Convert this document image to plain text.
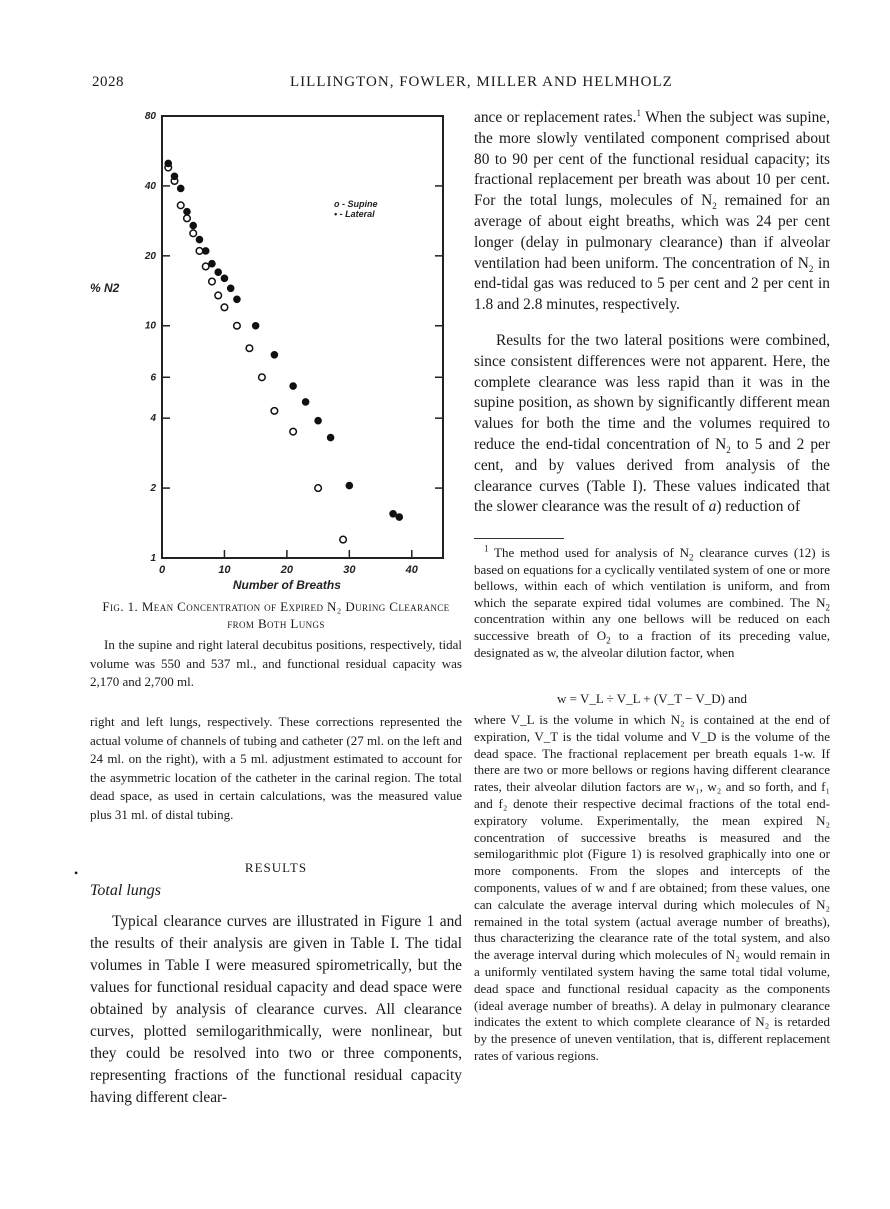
2028	LILLINGTON, FOWLER, MILLER AND HELMHOLZ
1
2
4
6
10
20
40
80
0	10	20	30	40
% N2
Number of Breaths
o - Supine
• - Lateral
Fig. 1. Mean Concentration of Expired N₂ During Clearance from Both Lungs
In the supine and right lateral decubitus positions, respectively, tidal volume was 550 and 537 ml., and functional residual capacity was 2,170 and 2,700 ml.
right and left lungs, respectively. These corrections represented the actual volume of channels of tubing and catheter (27 ml. on the left and 24 ml. on the right), with a 5 ml. adjustment estimated to account for the asymmetric location of the catheter in the carinal region. The total dead space, as used in certain calculations, was the measured value plus 31 ml. of distal tubing.
•	RESULTS
Total lungs
Typical clearance curves are illustrated in Figure 1 and the results of their analysis are given in Table I. The tidal volumes in Table I were measured spirometrically, but the values for functional residual capacity and dead space were obtained by analysis of clearance curves. All clearance curves, plotted semilogarithmically, were nonlinear, but they could be resolved into two or three components, representing fractions of the functional residual capacity having different clear-
ance or replacement rates.$^1$ When the subject was supine, the more slowly ventilated component comprised about 80 to 90 per cent of the functional residual capacity; its fractional replacement per breath was about 10 per cent. For the total lungs, molecules of $N_2$ remained for an average of about eight breaths, which was 24 per cent longer (delay in pulmonary clearance) than if alveolar ventilation had been uniform. The concentration of $N_2$ in end-tidal gas was reduced to 5 per cent and 2 per cent in 1.8 and 2.8 minutes, respectively.
Results for the two lateral positions were combined, since consistent differences were not apparent. Here, the complete clearance was less rapid than it was in the supine position, as shown by significantly different mean values for both the time and the volumes required to reduce the end-tidal concentration of $N_2$ to 5 and 2 per cent, and by values derived from analysis of the clearance curves (Table I). These values indicated that the slower clearance was the result of a) reduction of
$^1$ The method used for analysis of $N_2$ clearance curves (12) is based on equations for a cyclically ventilated system of one or more bellows, within each of which ventilation is uniform, and from which the separate expired tidal volumes are combined. The $N_2$ concentration within any one bellows will be reduced on each successive breath of $O_2$ to a fraction of its preceding value, designated as w, the alveolar dilution factor, when
w = V_L ÷ V_L + (V_T − V_D) and
where V_L is the volume in which N₂ is contained at the end of expiration, V_T is the tidal volume and V_D is the volume of the dead space. The fractional replacement per breath equals 1-w. If there are two or more bellows or regions having different clearance rates, their alveolar dilution factors are w₁, w₂ and so forth, and f₁ and f₂ denote their respective decimal fractions of the total end-expiratory volume. Experimentally, the mean expired N₂ concentration of successive breaths is measured and the semilogarithmic plot (Figure 1) is resolved graphically into one or more components. From the slopes and intercepts of the components, values of w and f are obtained; from these values, one can calculate the average interval during which molecules of N₂ remained in the total system (actual average number of breaths), thus characterizing the clearance rate of the total system, and also the average interval during which molecules of N₂ would remain in a uniformly ventilated system having the same total tidal volume, dead space and functional residual capacity as the components (ideal average number of breaths). A delay in pulmonary clearance indicates the extent to which complete clearance of N₂ is retarded by the presence of uneven ventilation, that is, different replacement rates of various regions.
